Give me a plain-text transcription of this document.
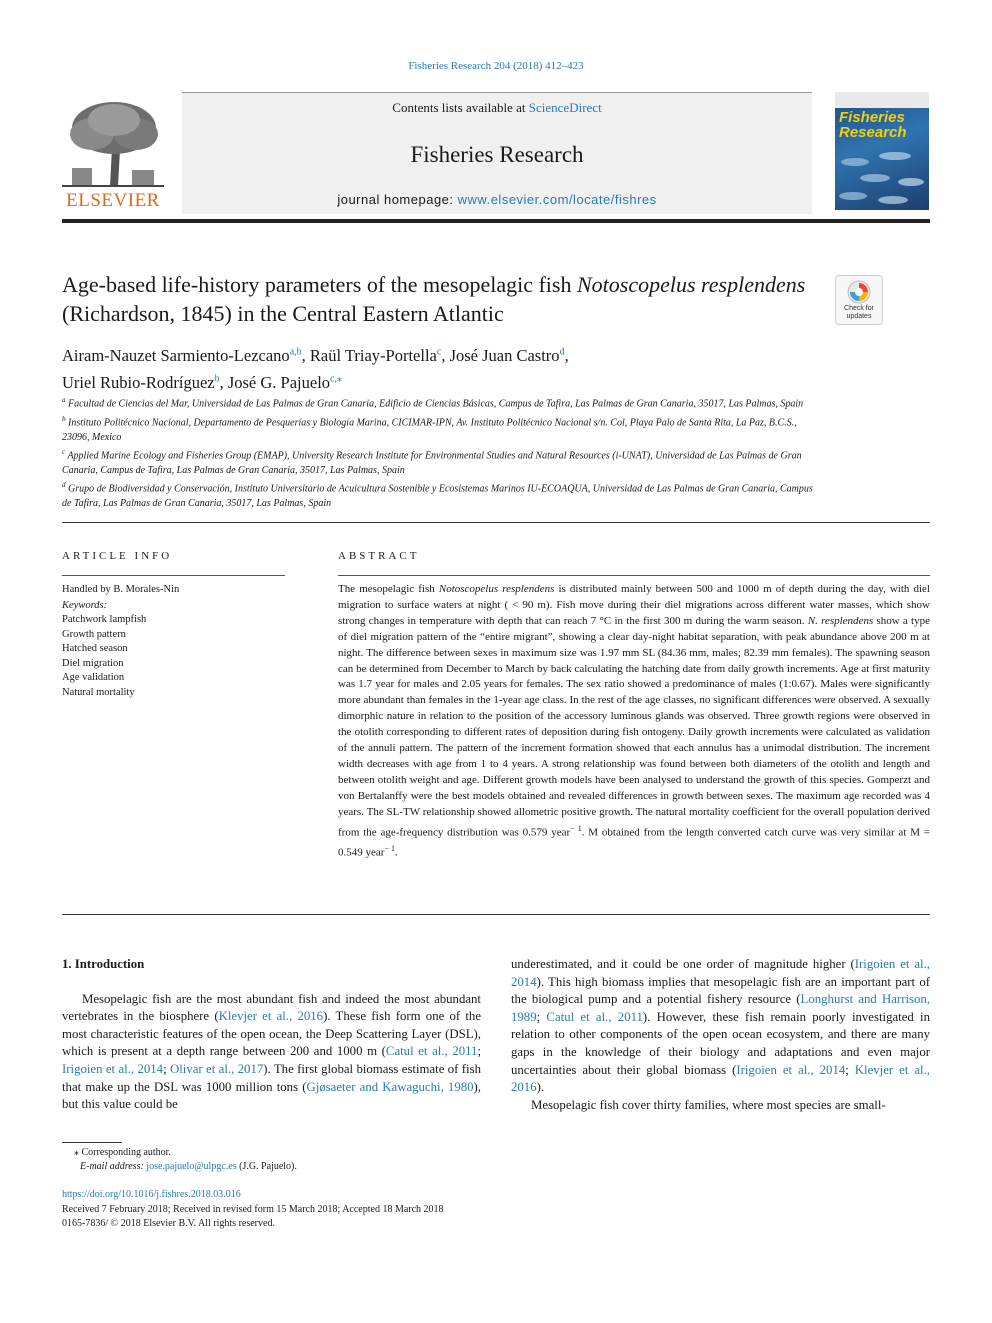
Fisheries Research 204 (2018) 412–423
ELSEVIER
Contents lists available at ScienceDirect
Fisheries Research
journal homepage: www.elsevier.com/locate/fishres
Fisheries Research
Age-based life-history parameters of the mesopelagic fish Notoscopelus resplendens (Richardson, 1845) in the Central Eastern Atlantic	Check for updates
Airam-Nauzet Sarmiento-Lezcano$^{a,b}$, Raül Triay-Portella$^c$, José Juan Castro$^d$,
Uriel Rubio-Rodríguez$^b$, José G. Pajuelo$^{c,⁎}$

$^a$ Facultad de Ciencias del Mar, Universidad de Las Palmas de Gran Canaria, Edificio de Ciencias Básicas, Campus de Tafira, Las Palmas de Gran Canaria, 35017, Las Palmas, Spain

$^b$ Instituto Politécnico Nacional, Departamento de Pesquerías y Biología Marina, CICIMAR-IPN, Av. Instituto Politécnico Nacional s/n. Col, Playa Palo de Santa Rita, La Paz, B.C.S., 23096, Mexico

$^c$ Applied Marine Ecology and Fisheries Group (EMAP), University Research Institute for Environmental Studies and Natural Resources (i-UNAT), Universidad de Las Palmas de Gran Canaria, Campus de Tafira, Las Palmas de Gran Canaria, 35017, Las Palmas, Spain

$^d$ Grupo de Biodiversidad y Conservación, Instituto Universitario de Acuicultura Sostenible y Ecosistemas Marinos IU-ECOAQUA, Universidad de Las Palmas de Gran Canaria, Campus de Tafira, Las Palmas de Gran Canaria, 35017, Las Palmas, Spain

ARTICLE INFO
Handled by B. Morales-Nin
Keywords:
Patchwork lampfish
Growth pattern
Hatched season
Diel migration
Age validation
Natural mortality
ABSTRACT
The mesopelagic fish Notoscopelus resplendens is distributed mainly between 500 and 1000 m of depth during the day, with diel migration to surface waters at night ( < 90 m). Fish move during their diel migrations across different water masses, which show strong changes in temperature with depth that can reach 7 °C in the first 300 m during the warm season. N. resplendens show a type of diel migration pattern of the “entire migrant”, showing a clear day-night habitat separation, with peak abundance above 200 m at night. The difference between sexes in maximum size was 1.97 mm SL (84.36 mm, males; 82.39 mm females). The spawning season can be determined from December to March by back calculating the hatching date from daily growth increments. Age at first maturity was 1.7 year for males and 2.05 years for females. The sex ratio showed a predominance of males (1:0.67). Males were significantly more abundant than females in the 1-year age class. In the rest of the age classes, no significant differences were observed. A sexually dimorphic nature in relation to the position of the accessory luminous glands was observed. Three growth regions were observed in the otolith corresponding to different rates of deposition during fish ontogeny. Daily growth increments were calculated as validation of the annuli pattern. The pattern of the increment formation showed that each annulus has a unimodal distribution. The increment width decreases with age from 1 to 4 years. A strong relationship was found between both diameters of the otolith and length and between otolith weight and age. Different growth models have been analysed to understand the growth of this species. Gomperzt and von Bertalanffy were the best models obtained and revealed differences in growth between sexes. The maximum age recorded was 4 years. The SL-TW relationship showed allometric positive growth. The natural mortality coefficient for the overall population derived from the age-frequency distribution was 0.579 year$^{- 1}$. M obtained from the length converted catch curve was very similar at M = 0.549 year$^{- 1}$.

1. Introduction

Mesopelagic fish are the most abundant fish and indeed the most abundant vertebrates in the biosphere (Klevjer et al., 2016). These fish form one of the most characteristic features of the open ocean, the Deep Scattering Layer (DSL), which is present at a depth range between 200 and 1000 m (Catul et al., 2011; Irigoien et al., 2014; Olivar et al., 2017). The first global biomass estimate of fish that make up the DSL was 1000 million tons (Gjøsaeter and Kawaguchi, 1980), but this value could be

underestimated, and it could be one order of magnitude higher (Irigoien et al., 2014). This high biomass implies that mesopelagic fish are an important part of the biological pump and a potential fishery resource (Longhurst and Harrison, 1989; Catul et al., 2011). However, these fish remain poorly investigated in relation to other components of the open ocean ecosystem, and there are many gaps in the knowledge of their biology and adaptations and even major uncertainties about their global biomass (Irigoien et al., 2014; Klevjer et al., 2016).

Mesopelagic fish cover thirty families, where most species are small-

⁎ Corresponding author.
E-mail address: jose.pajuelo@ulpgc.es (J.G. Pajuelo).
https://doi.org/10.1016/j.fishres.2018.03.016
Received 7 February 2018; Received in revised form 15 March 2018; Accepted 18 March 2018
0165-7836/ © 2018 Elsevier B.V. All rights reserved.
